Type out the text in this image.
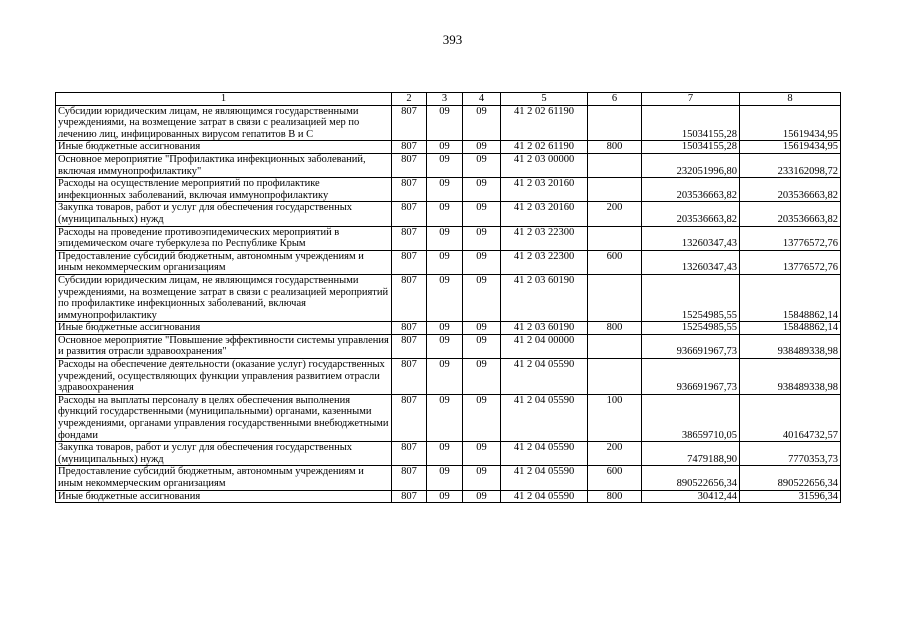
393
1	2	3	4	5	6	7	8
Субсидии юридическим лицам, не являющимся государственными учреждениями, на возмещение затрат в связи с реализацией мер по лечению лиц, инфицированных вирусом гепатитов В и С	807	09	09	41 2 02 61190		15034155,28	15619434,95
Иные бюджетные ассигнования	807	09	09	41 2 02 61190	800	15034155,28	15619434,95
Основное мероприятие "Профилактика инфекционных заболеваний, включая иммунопрофилактику"	807	09	09	41 2 03 00000		232051996,80	233162098,72
Расходы на осуществление мероприятий по профилактике инфекционных заболеваний, включая иммунопрофилактику	807	09	09	41 2 03 20160		203536663,82	203536663,82
Закупка товаров, работ и услуг для обеспечения государственных (муниципальных) нужд	807	09	09	41 2 03 20160	200	203536663,82	203536663,82
Расходы на проведение противоэпидемических мероприятий в эпидемическом очаге туберкулеза по Республике Крым	807	09	09	41 2 03 22300		13260347,43	13776572,76
Предоставление субсидий бюджетным, автономным учреждениям и иным некоммерческим организациям	807	09	09	41 2 03 22300	600	13260347,43	13776572,76
Субсидии юридическим лицам, не являющимся государственными учреждениями, на возмещение затрат в связи с реализацией мероприятий по профилактике инфекционных заболеваний, включая иммунопрофилактику	807	09	09	41 2 03 60190		15254985,55	15848862,14
Иные бюджетные ассигнования	807	09	09	41 2 03 60190	800	15254985,55	15848862,14
Основное мероприятие "Повышение эффективности системы управления и развития отрасли здравоохранения"	807	09	09	41 2 04 00000		936691967,73	938489338,98
Расходы на обеспечение деятельности (оказание услуг) государственных учреждений, осуществляющих функции управления развитием отрасли здравоохранения	807	09	09	41 2 04 05590		936691967,73	938489338,98
Расходы на выплаты персоналу в целях обеспечения выполнения функций государственными (муниципальными) органами, казенными учреждениями, органами управления государственными внебюджетными фондами	807	09	09	41 2 04 05590	100	38659710,05	40164732,57
Закупка товаров, работ и услуг для обеспечения государственных (муниципальных) нужд	807	09	09	41 2 04 05590	200	7479188,90	7770353,73
Предоставление субсидий бюджетным, автономным учреждениям и иным некоммерческим организациям	807	09	09	41 2 04 05590	600	890522656,34	890522656,34
Иные бюджетные ассигнования	807	09	09	41 2 04 05590	800	30412,44	31596,34
